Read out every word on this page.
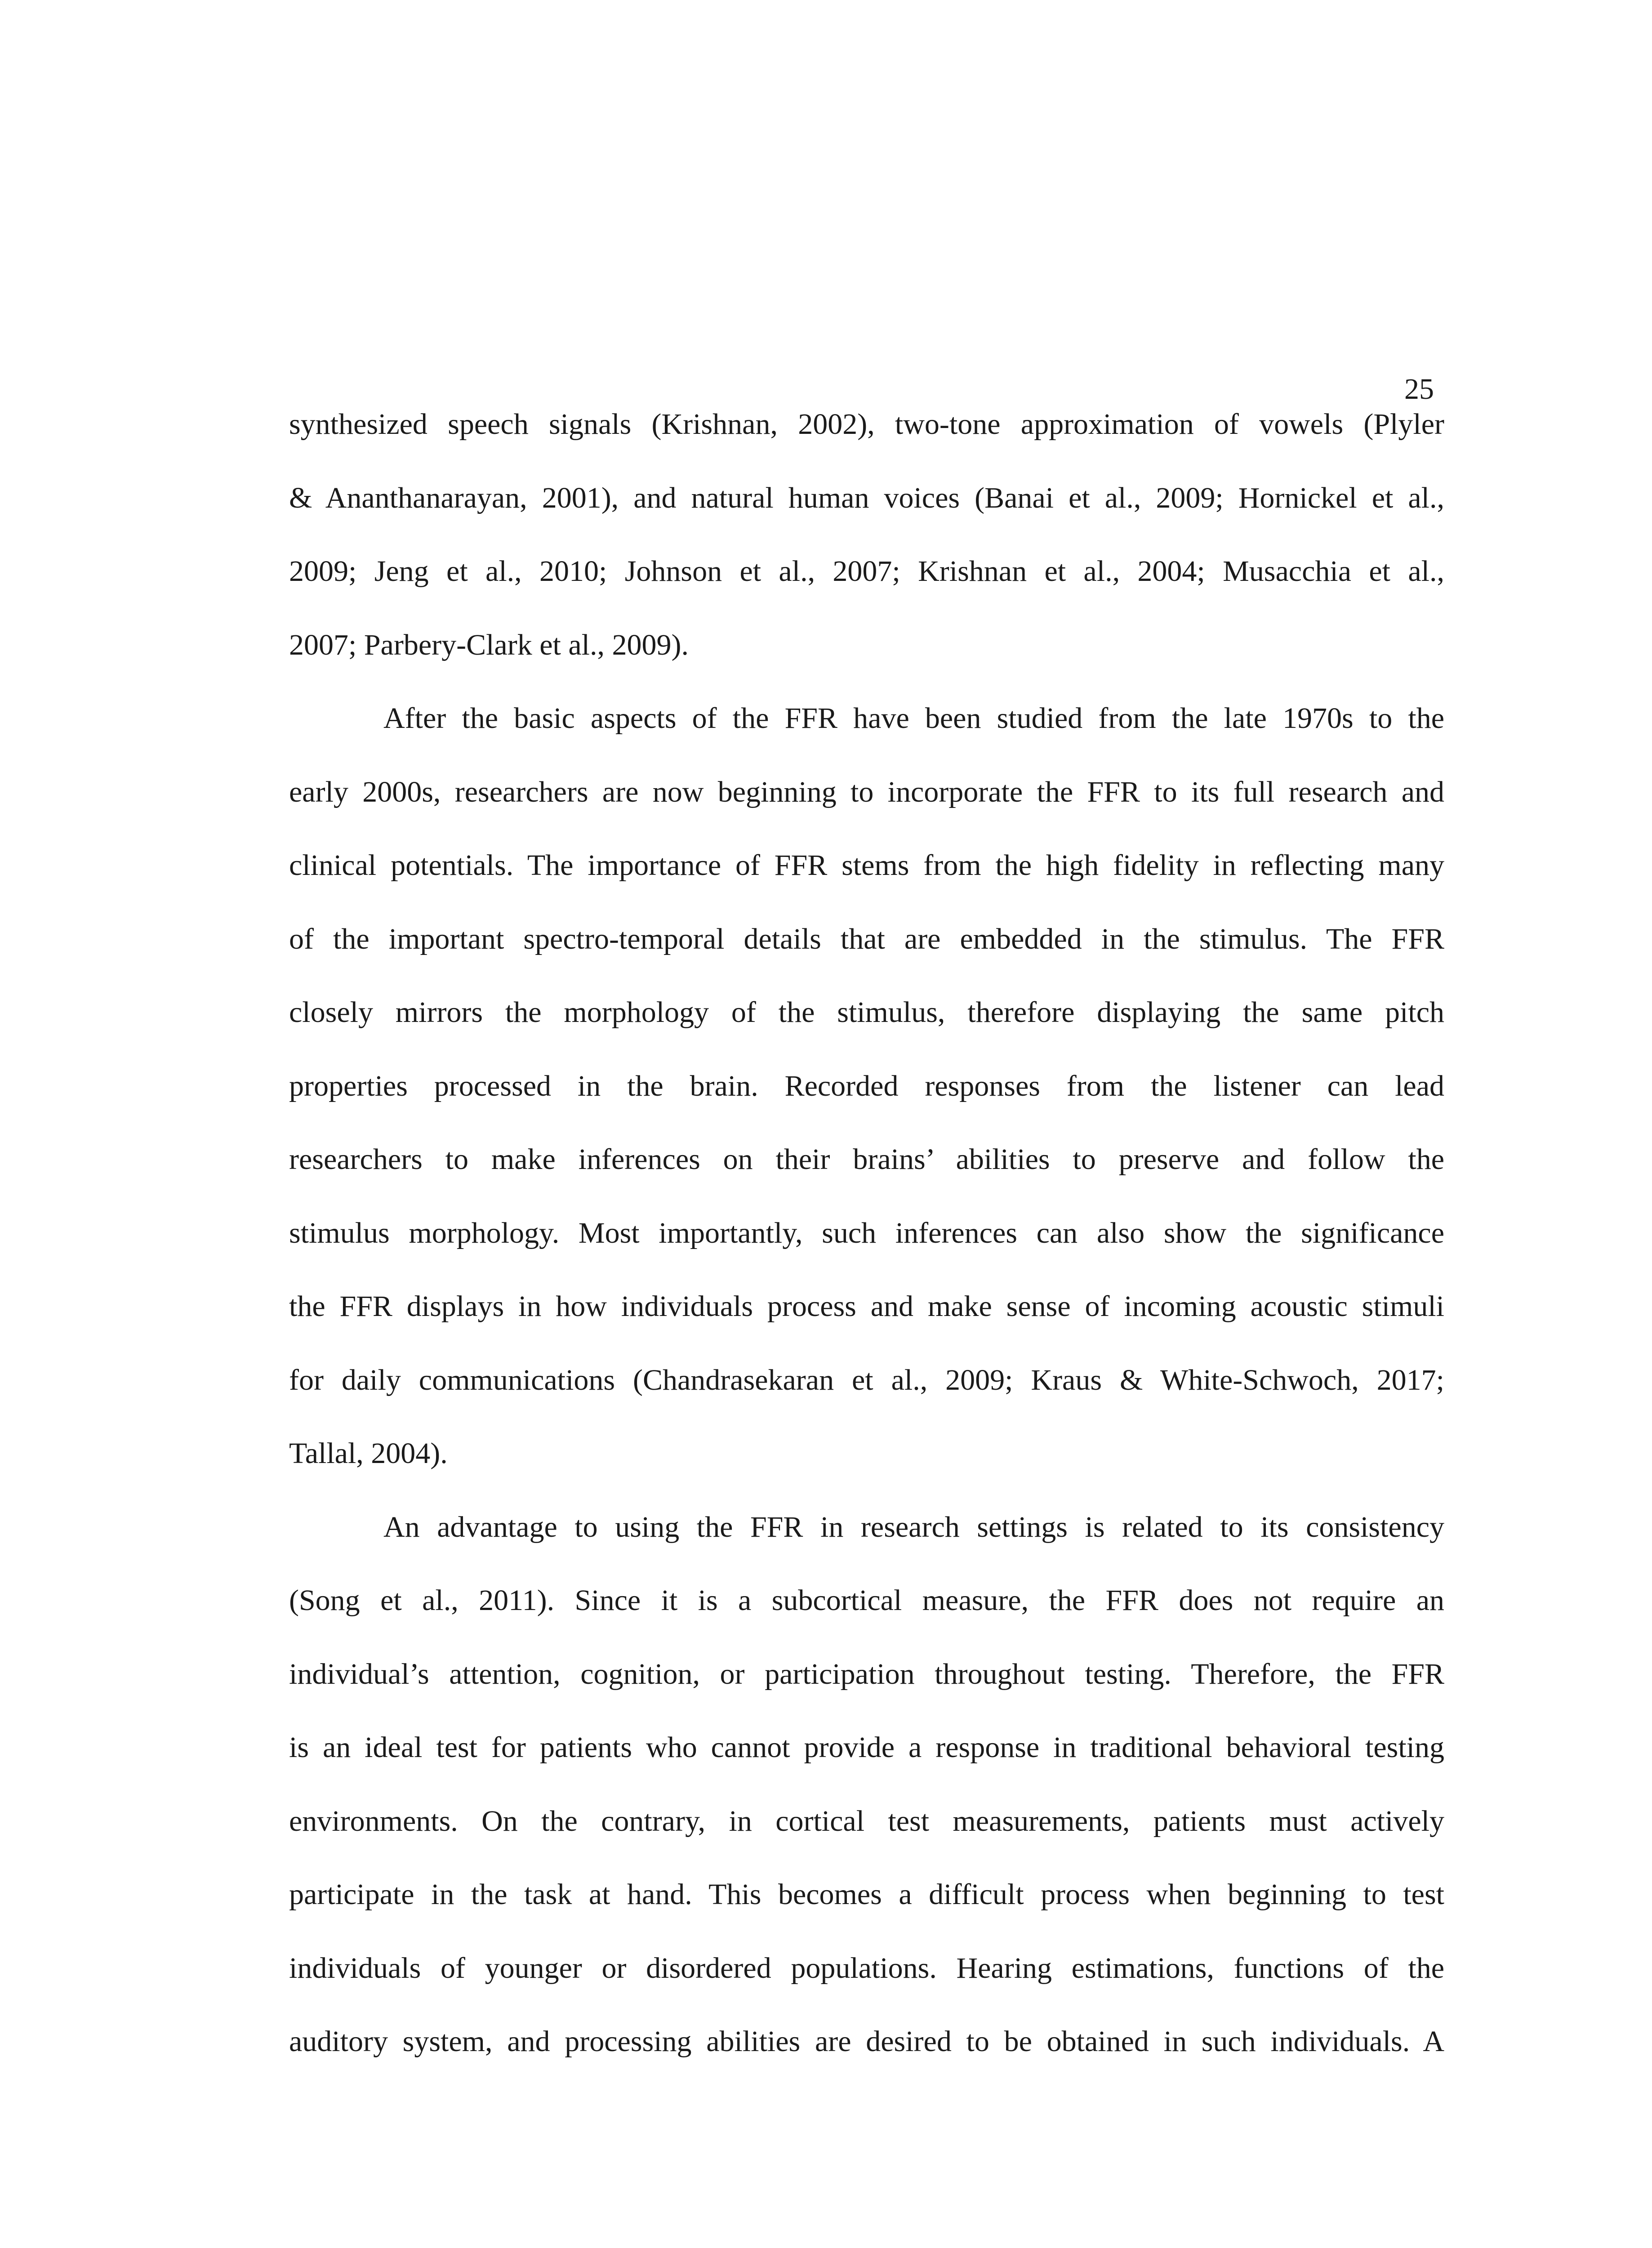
25
synthesized speech signals (Krishnan, 2002), two-tone approximation of vowels (Plyler
& Ananthanarayan, 2001), and natural human voices (Banai et al., 2009; Hornickel et al.,
2009; Jeng et al., 2010; Johnson et al., 2007; Krishnan et al., 2004; Musacchia et al.,
2007; Parbery-Clark et al., 2009).
After the basic aspects of the FFR have been studied from the late 1970s to the
early 2000s, researchers are now beginning to incorporate the FFR to its full research and
clinical potentials. The importance of FFR stems from the high fidelity in reflecting many
of the important spectro-temporal details that are embedded in the stimulus. The FFR
closely mirrors the morphology of the stimulus, therefore displaying the same pitch
properties processed in the brain. Recorded responses from the listener can lead
researchers to make inferences on their brains’ abilities to preserve and follow the
stimulus morphology. Most importantly, such inferences can also show the significance
the FFR displays in how individuals process and make sense of incoming acoustic stimuli
for daily communications (Chandrasekaran et al., 2009; Kraus & White-Schwoch, 2017;
Tallal, 2004).
An advantage to using the FFR in research settings is related to its consistency
(Song et al., 2011). Since it is a subcortical measure, the FFR does not require an
individual’s attention, cognition, or participation throughout testing. Therefore, the FFR
is an ideal test for patients who cannot provide a response in traditional behavioral testing
environments. On the contrary, in cortical test measurements, patients must actively
participate in the task at hand. This becomes a difficult process when beginning to test
individuals of younger or disordered populations. Hearing estimations, functions of the
auditory system, and processing abilities are desired to be obtained in such individuals. A
